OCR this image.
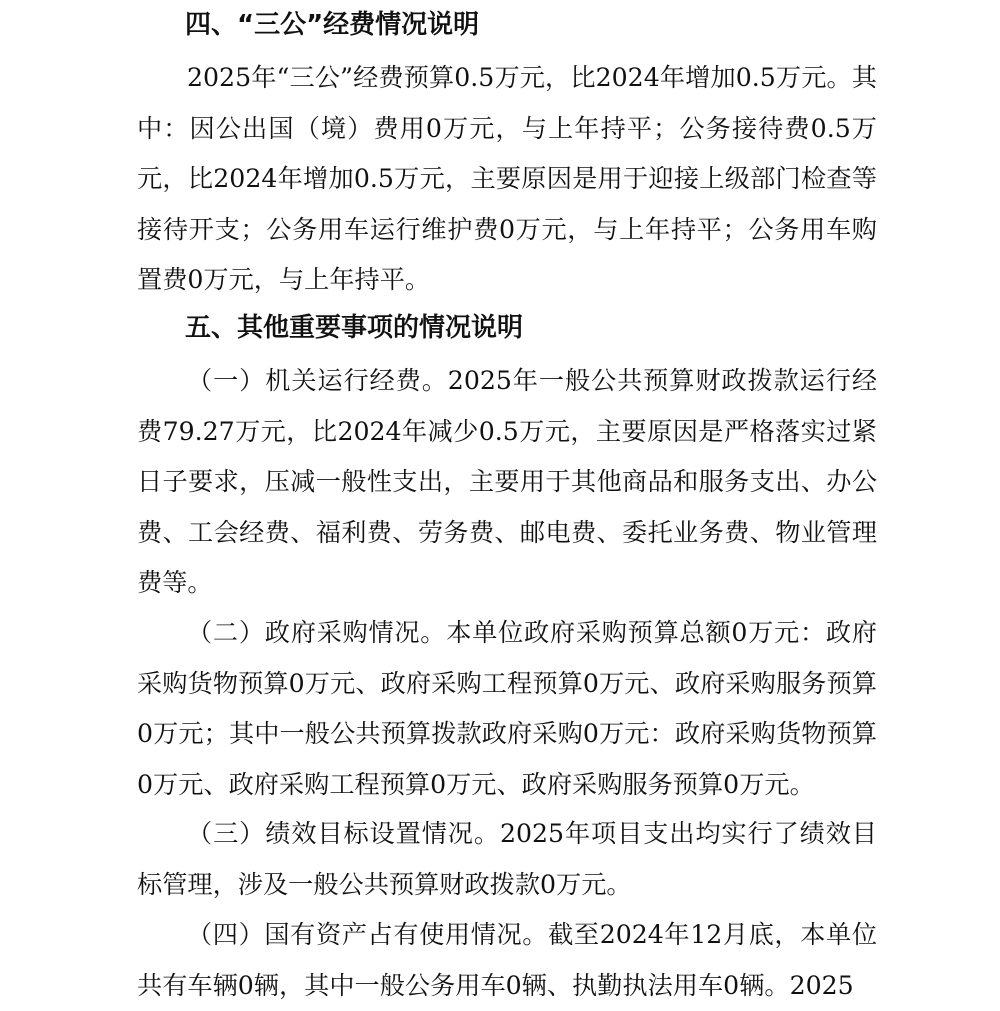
四、“三公”经费情况说明

2025年“三公”经费预算0.5万元，比2024年增加0.5万元。其中：因公出国（境）费用0万元，与上年持平；公务接待费0.5万元，比2024年增加0.5万元，主要原因是用于迎接上级部门检查等接待开支；公务用车运行维护费0万元，与上年持平；公务用车购置费0万元，与上年持平。

五、其他重要事项的情况说明

（一）机关运行经费。2025年一般公共预算财政拨款运行经费79.27万元，比2024年减少0.5万元，主要原因是严格落实过紧日子要求，压减一般性支出，主要用于其他商品和服务支出、办公费、工会经费、福利费、劳务费、邮电费、委托业务费、物业管理费等。

（二）政府采购情况。本单位政府采购预算总额0万元：政府采购货物预算0万元、政府采购工程预算0万元、政府采购服务预算0万元；其中一般公共预算拨款政府采购0万元：政府采购货物预算0万元、政府采购工程预算0万元、政府采购服务预算0万元。

（三）绩效目标设置情况。2025年项目支出均实行了绩效目标管理，涉及一般公共预算财政拨款0万元。

（四）国有资产占有使用情况。截至2024年12月底，本单位共有车辆0辆，其中一般公务用车0辆、执勤执法用车0辆。2025
